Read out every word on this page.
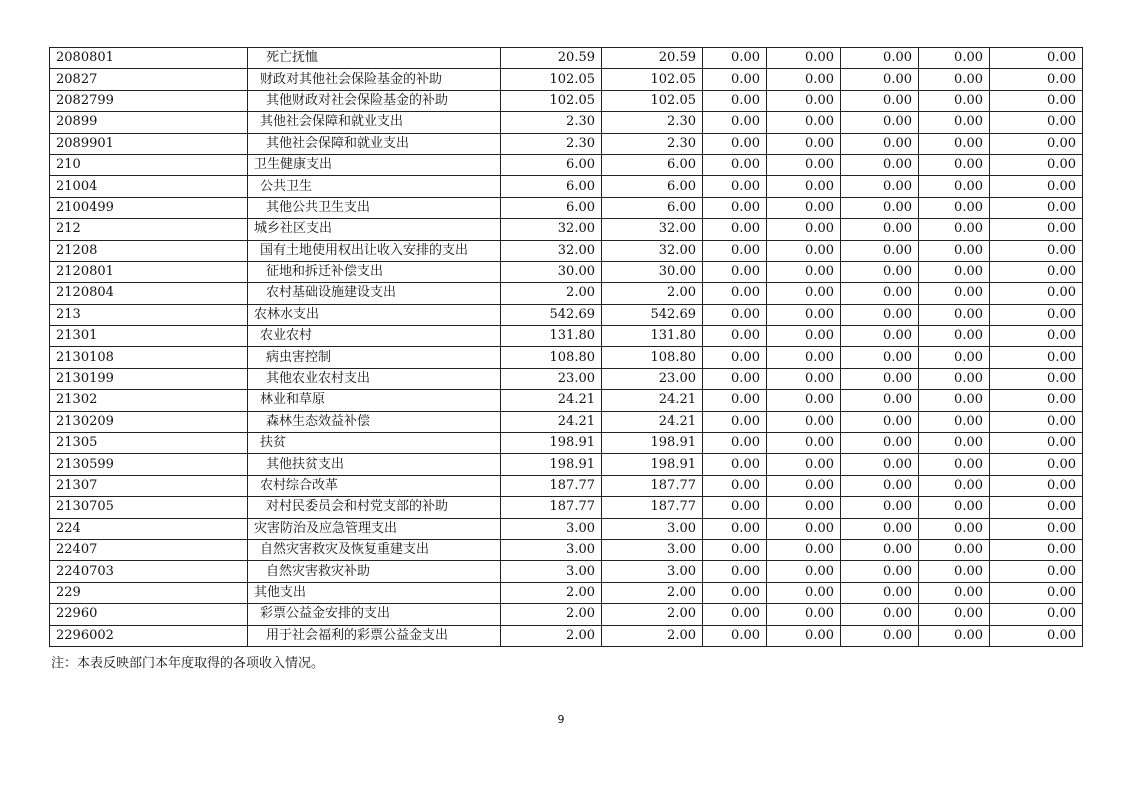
2080801	死亡抚恤	20.59	20.59	0.00	0.00	0.00	0.00	0.00
20827	财政对其他社会保险基金的补助	102.05	102.05	0.00	0.00	0.00	0.00	0.00
2082799	其他财政对社会保险基金的补助	102.05	102.05	0.00	0.00	0.00	0.00	0.00
20899	其他社会保障和就业支出	2.30	2.30	0.00	0.00	0.00	0.00	0.00
2089901	其他社会保障和就业支出	2.30	2.30	0.00	0.00	0.00	0.00	0.00
210	卫生健康支出	6.00	6.00	0.00	0.00	0.00	0.00	0.00
21004	公共卫生	6.00	6.00	0.00	0.00	0.00	0.00	0.00
2100499	其他公共卫生支出	6.00	6.00	0.00	0.00	0.00	0.00	0.00
212	城乡社区支出	32.00	32.00	0.00	0.00	0.00	0.00	0.00
21208	国有土地使用权出让收入安排的支出	32.00	32.00	0.00	0.00	0.00	0.00	0.00
2120801	征地和拆迁补偿支出	30.00	30.00	0.00	0.00	0.00	0.00	0.00
2120804	农村基础设施建设支出	2.00	2.00	0.00	0.00	0.00	0.00	0.00
213	农林水支出	542.69	542.69	0.00	0.00	0.00	0.00	0.00
21301	农业农村	131.80	131.80	0.00	0.00	0.00	0.00	0.00
2130108	病虫害控制	108.80	108.80	0.00	0.00	0.00	0.00	0.00
2130199	其他农业农村支出	23.00	23.00	0.00	0.00	0.00	0.00	0.00
21302	林业和草原	24.21	24.21	0.00	0.00	0.00	0.00	0.00
2130209	森林生态效益补偿	24.21	24.21	0.00	0.00	0.00	0.00	0.00
21305	扶贫	198.91	198.91	0.00	0.00	0.00	0.00	0.00
2130599	其他扶贫支出	198.91	198.91	0.00	0.00	0.00	0.00	0.00
21307	农村综合改革	187.77	187.77	0.00	0.00	0.00	0.00	0.00
2130705	对村民委员会和村党支部的补助	187.77	187.77	0.00	0.00	0.00	0.00	0.00
224	灾害防治及应急管理支出	3.00	3.00	0.00	0.00	0.00	0.00	0.00
22407	自然灾害救灾及恢复重建支出	3.00	3.00	0.00	0.00	0.00	0.00	0.00
2240703	自然灾害救灾补助	3.00	3.00	0.00	0.00	0.00	0.00	0.00
229	其他支出	2.00	2.00	0.00	0.00	0.00	0.00	0.00
22960	彩票公益金安排的支出	2.00	2.00	0.00	0.00	0.00	0.00	0.00
2296002	用于社会福利的彩票公益金支出	2.00	2.00	0.00	0.00	0.00	0.00	0.00
注：本表反映部门本年度取得的各项收入情况。
9
